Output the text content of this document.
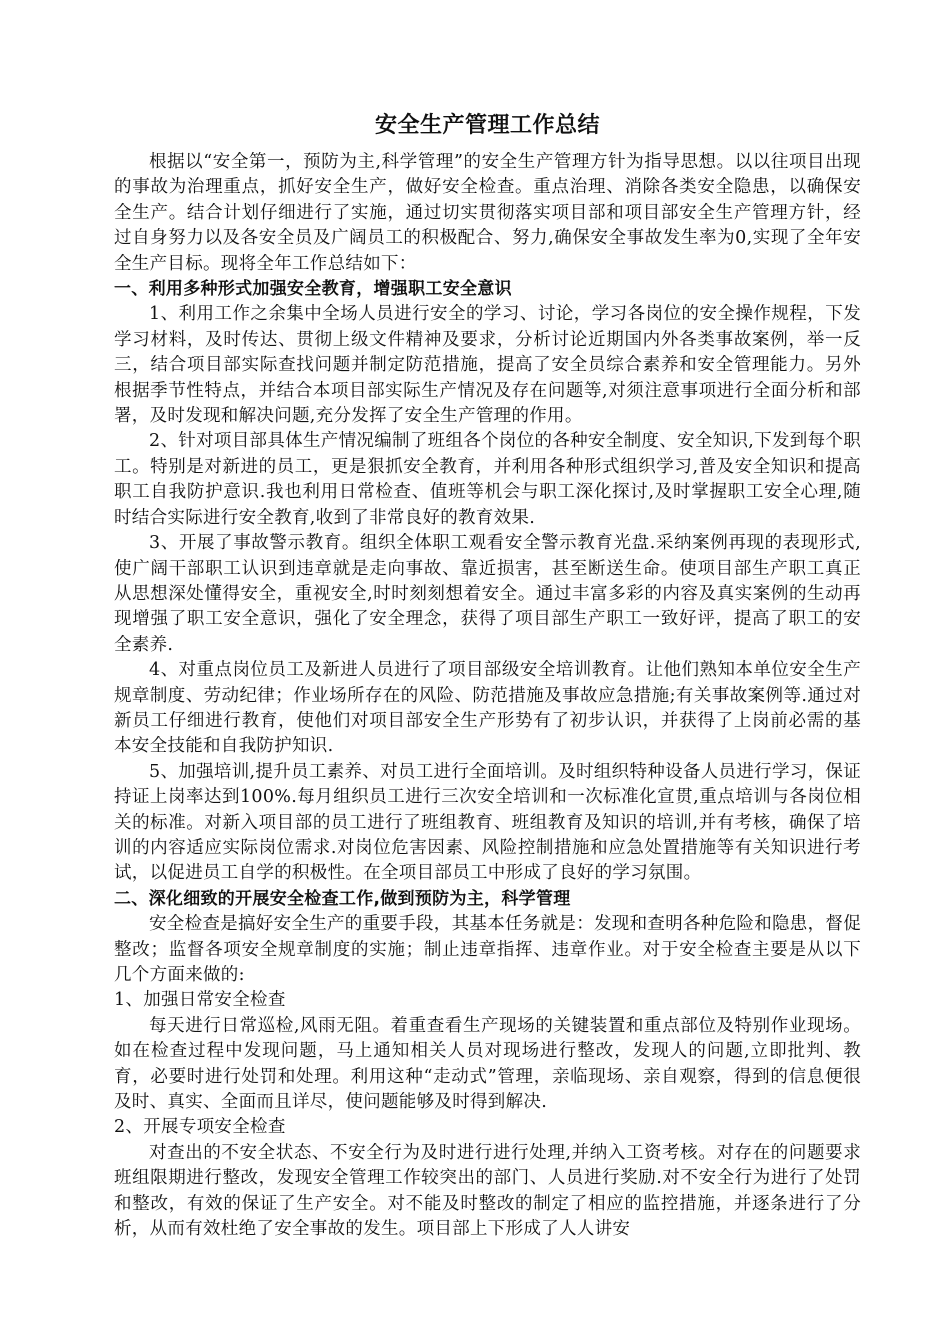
安全生产管理工作总结

根据以“安全第一，预防为主,科学管理”的安全生产管理方针为指导思想。以以往项目出现的事故为治理重点，抓好安全生产，做好安全检查。重点治理、消除各类安全隐患，以确保安全生产。结合计划仔细进行了实施，通过切实贯彻落实项目部和项目部安全生产管理方针，经过自身努力以及各安全员及广阔员工的积极配合、努力,确保安全事故发生率为0,实现了全年安全生产目标。现将全年工作总结如下：

一、利用多种形式加强安全教育，增强职工安全意识

1、利用工作之余集中全场人员进行安全的学习、讨论，学习各岗位的安全操作规程，下发学习材料，及时传达、贯彻上级文件精神及要求，分析讨论近期国内外各类事故案例，举一反三，结合项目部实际查找问题并制定防范措施，提高了安全员综合素养和安全管理能力。另外根据季节性特点，并结合本项目部实际生产情况及存在问题等,对须注意事项进行全面分析和部署，及时发现和解决问题,充分发挥了安全生产管理的作用。

2、针对项目部具体生产情况编制了班组各个岗位的各种安全制度、安全知识,下发到每个职工。特别是对新进的员工，更是狠抓安全教育，并利用各种形式组织学习,普及安全知识和提高职工自我防护意识.我也利用日常检查、值班等机会与职工深化探讨,及时掌握职工安全心理,随时结合实际进行安全教育,收到了非常良好的教育效果.

3、开展了事故警示教育。组织全体职工观看安全警示教育光盘.采纳案例再现的表现形式,使广阔干部职工认识到违章就是走向事故、靠近损害，甚至断送生命。使项目部生产职工真正从思想深处懂得安全，重视安全,时时刻刻想着安全。通过丰富多彩的内容及真实案例的生动再现增强了职工安全意识，强化了安全理念，获得了项目部生产职工一致好评，提高了职工的安全素养.

4、对重点岗位员工及新进人员进行了项目部级安全培训教育。让他们熟知本单位安全生产规章制度、劳动纪律；作业场所存在的风险、防范措施及事故应急措施;有关事故案例等.通过对新员工仔细进行教育，使他们对项目部安全生产形势有了初步认识，并获得了上岗前必需的基本安全技能和自我防护知识.

5、加强培训,提升员工素养、对员工进行全面培训。及时组织特种设备人员进行学习，保证持证上岗率达到100%.每月组织员工进行三次安全培训和一次标准化宣贯,重点培训与各岗位相关的标准。对新入项目部的员工进行了班组教育、班组教育及知识的培训,并有考核，确保了培训的内容适应实际岗位需求.对岗位危害因素、风险控制措施和应急处置措施等有关知识进行考试，以促进员工自学的积极性。在全项目部员工中形成了良好的学习氛围。

二、深化细致的开展安全检查工作,做到预防为主，科学管理

安全检查是搞好安全生产的重要手段，其基本任务就是：发现和查明各种危险和隐患，督促整改；监督各项安全规章制度的实施；制止违章指挥、违章作业。对于安全检查主要是从以下几个方面来做的:

1、加强日常安全检查

每天进行日常巡检,风雨无阻。着重查看生产现场的关键装置和重点部位及特别作业现场。如在检查过程中发现问题，马上通知相关人员对现场进行整改，发现人的问题,立即批判、教育，必要时进行处罚和处理。利用这种“走动式”管理，亲临现场、亲自观察，得到的信息便很及时、真实、全面而且详尽，使问题能够及时得到解决.

2、开展专项安全检查

对查出的不安全状态、不安全行为及时进行进行处理,并纳入工资考核。对存在的问题要求班组限期进行整改，发现安全管理工作较突出的部门、人员进行奖励.对不安全行为进行了处罚和整改，有效的保证了生产安全。对不能及时整改的制定了相应的监控措施，并逐条进行了分析，从而有效杜绝了安全事故的发生。项目部上下形成了人人讲安
